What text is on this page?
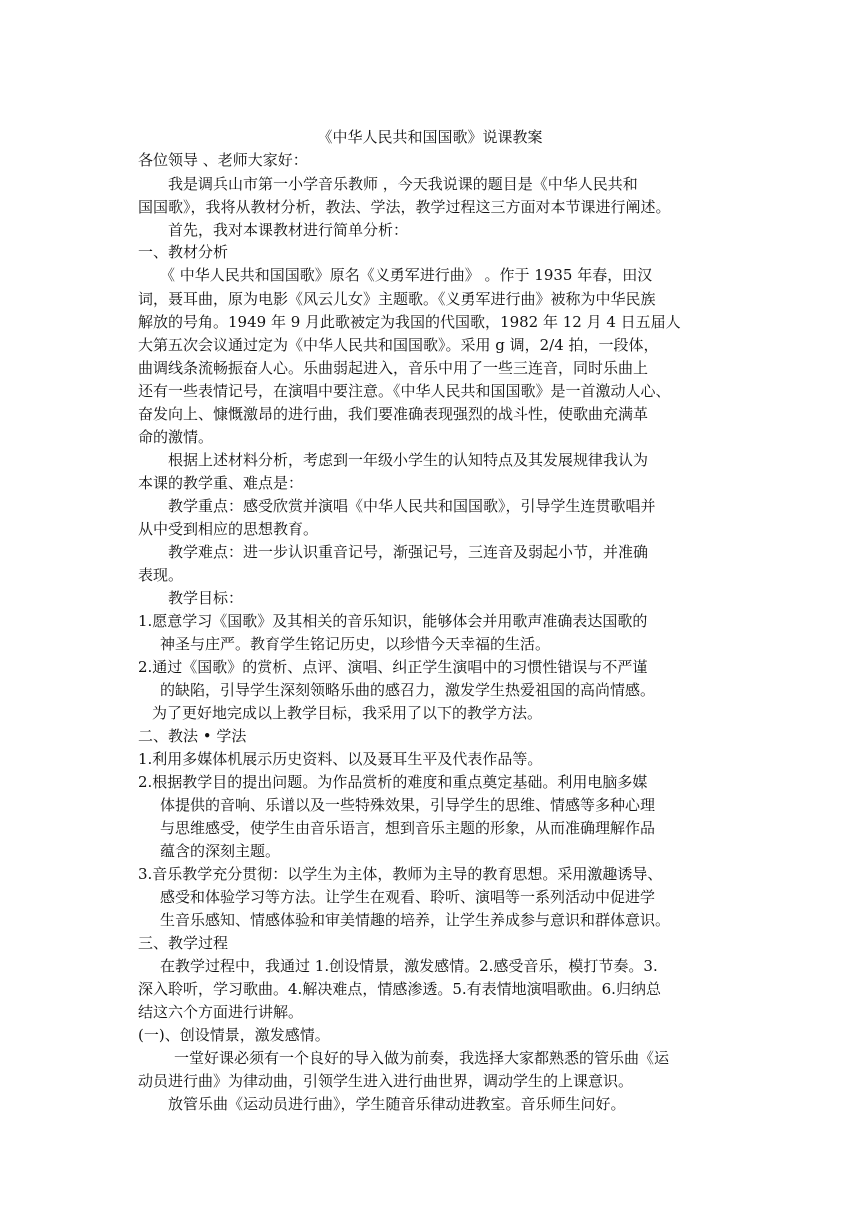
《中华人民共和国国歌》说课教案
各位领导 、老师大家好：
我是调兵山市第一小学音乐教师 ，今天我说课的题目是《中华人民共和
国国歌》，我将从教材分析，教法、学法，教学过程这三方面对本节课进行阐述。
首先，我对本课教材进行简单分析：
一、教材分析
《 中华人民共和国国歌》原名《义勇军进行曲》 。作于 1935 年春，田汉
词，聂耳曲，原为电影《风云儿女》主题歌。《义勇军进行曲》被称为中华民族
解放的号角。1949 年 9 月此歌被定为我国的代国歌，1982 年 12 月 4 日五届人
大第五次会议通过定为《中华人民共和国国歌》。采用 g 调，2/4 拍，一段体，
曲调线条流畅振奋人心。乐曲弱起进入，音乐中用了一些三连音，同时乐曲上
还有一些表情记号，在演唱中要注意。《中华人民共和国国歌》是一首激动人心、
奋发向上、慷慨激昂的进行曲，我们要准确表现强烈的战斗性，使歌曲充满革
命的激情。
根据上述材料分析，考虑到一年级小学生的认知特点及其发展规律我认为
本课的教学重、难点是：
教学重点：感受欣赏并演唱《中华人民共和国国歌》，引导学生连贯歌唱并
从中受到相应的思想教育。
教学难点：进一步认识重音记号，渐强记号，三连音及弱起小节，并准确
表现。
教学目标：
1.愿意学习《国歌》及其相关的音乐知识，能够体会并用歌声准确表达国歌的
神圣与庄严。教育学生铭记历史，以珍惜今天幸福的生活。
2.通过《国歌》的赏析、点评、演唱、纠正学生演唱中的习惯性错误与不严谨
的缺陷，引导学生深刻领略乐曲的感召力，激发学生热爱祖国的高尚情感。
为了更好地完成以上教学目标，我采用了以下的教学方法。
二、教法 • 学法
1.利用多媒体机展示历史资料、以及聂耳生平及代表作品等。
2.根据教学目的提出问题。为作品赏析的难度和重点奠定基础。利用电脑多媒
体提供的音响、乐谱以及一些特殊效果，引导学生的思维、情感等多种心理
与思维感受，使学生由音乐语言，想到音乐主题的形象，从而准确理解作品
蕴含的深刻主题。
3.音乐教学充分贯彻：以学生为主体，教师为主导的教育思想。采用激趣诱导、
感受和体验学习等方法。让学生在观看、聆听、演唱等一系列活动中促进学
生音乐感知、情感体验和审美情趣的培养，让学生养成参与意识和群体意识。
三、教学过程
在教学过程中，我通过 1.创设情景，激发感情。2.感受音乐，模打节奏。3.
深入聆听，学习歌曲。4.解决难点，情感渗透。5.有表情地演唱歌曲。6.归纳总
结这六个方面进行讲解。
(一)、创设情景，激发感情。
一堂好课必须有一个良好的导入做为前奏，我选择大家都熟悉的管乐曲《运
动员进行曲》为律动曲，引领学生进入进行曲世界，调动学生的上课意识。
放管乐曲《运动员进行曲》，学生随音乐律动进教室。音乐师生问好。
